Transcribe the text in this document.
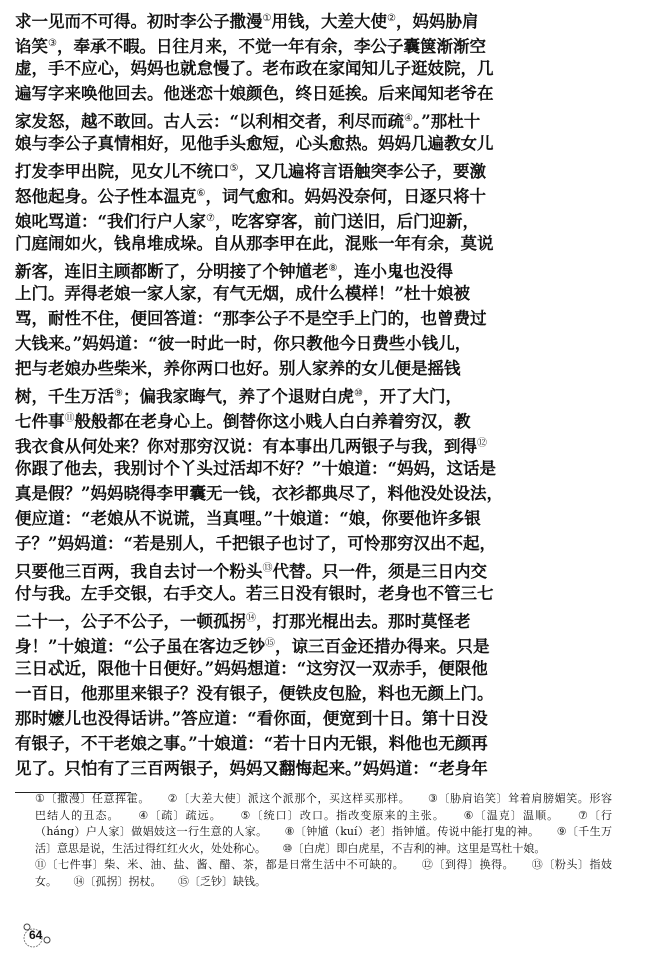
求一见而不可得。初时李公子撒漫①用钱，大差大使②，妈妈胁肩
谄笑③，奉承不暇。日往月来，不觉一年有余，李公子囊箧渐渐空
虚，手不应心，妈妈也就怠慢了。老布政在家闻知儿子逛妓院，几
遍写字来唤他回去。他迷恋十娘颜色，终日延挨。后来闻知老爷在
家发怒，越不敢回。古人云：“以利相交者，利尽而疏④。”那杜十
娘与李公子真情相好，见他手头愈短，心头愈热。妈妈几遍教女儿
打发李甲出院，见女儿不统口⑤，又几遍将言语触突李公子，要激
怒他起身。公子性本温克⑥，词气愈和。妈妈没奈何，日逐只将十
娘叱骂道：“我们行户人家⑦，吃客穿客，前门送旧，后门迎新，
门庭闹如火，钱帛堆成垛。自从那李甲在此，混账一年有余，莫说
新客，连旧主顾都断了，分明接了个钟馗老⑧，连小鬼也没得
上门。弄得老娘一家人家，有气无烟，成什么模样！”杜十娘被
骂，耐性不住，便回答道：“那李公子不是空手上门的，也曾费过
大钱来。”妈妈道：“彼一时此一时，你只教他今日费些小钱儿，
把与老娘办些柴米，养你两口也好。别人家养的女儿便是摇钱
树，千生万活⑨；偏我家晦气，养了个退财白虎⑩，开了大门，
七件事⑪般般都在老身心上。倒替你这小贱人白白养着穷汉，教
我衣食从何处来？你对那穷汉说：有本事出几两银子与我，到得⑫
你跟了他去，我别讨个丫头过活却不好？”十娘道：“妈妈，这话是
真是假？”妈妈晓得李甲囊无一钱，衣衫都典尽了，料他没处设法，
便应道：“老娘从不说谎，当真哩。”十娘道：“娘，你要他许多银
子？”妈妈道：“若是别人，千把银子也讨了，可怜那穷汉出不起，
只要他三百两，我自去讨一个粉头⑬代替。只一件，须是三日内交
付与我。左手交银，右手交人。若三日没有银时，老身也不管三七
二十一，公子不公子，一顿孤拐⑭，打那光棍出去。那时莫怪老
身！”十娘道：“公子虽在客边乏钞⑮，谅三百金还措办得来。只是
三日忒近，限他十日便好。”妈妈想道：“这穷汉一双赤手，便限他
一百日，他那里来银子？没有银子，便铁皮包脸，料也无颜上门。
那时嬷儿也没得话讲。”答应道：“看你面，便宽到十日。第十日没
有银子，不干老娘之事。”十娘道：“若十日内无银，料他也无颜再
见了。只怕有了三百两银子，妈妈又翻悔起来。”妈妈道：“老身年
①〔撒漫〕任意挥霍。　　②〔大差大使〕派这个派那个，买这样买那样。　　③〔胁肩谄笑〕耸着肩膀媚笑。形容
巴结人的丑态。　　④〔疏〕疏远。　　⑤〔统口〕改口。指改变原来的主张。　　⑥〔温克〕温顺。　　⑦〔行
（háng）户人家〕做娼妓这一行生意的人家。　　⑧〔钟馗（kuí）老〕指钟馗。传说中能打鬼的神。　　⑨〔千生万
活〕意思是说，生活过得红红火火，处处称心。　　⑩〔白虎〕即白虎星，不吉利的神。这里是骂杜十娘。
⑪〔七件事〕柴、米、油、盐、酱、醋、茶，都是日常生活中不可缺的。　　⑫〔到得〕换得。　　⑬〔粉头〕指妓
女。　　⑭〔孤拐〕拐杖。　　⑮〔乏钞〕缺钱。
64
